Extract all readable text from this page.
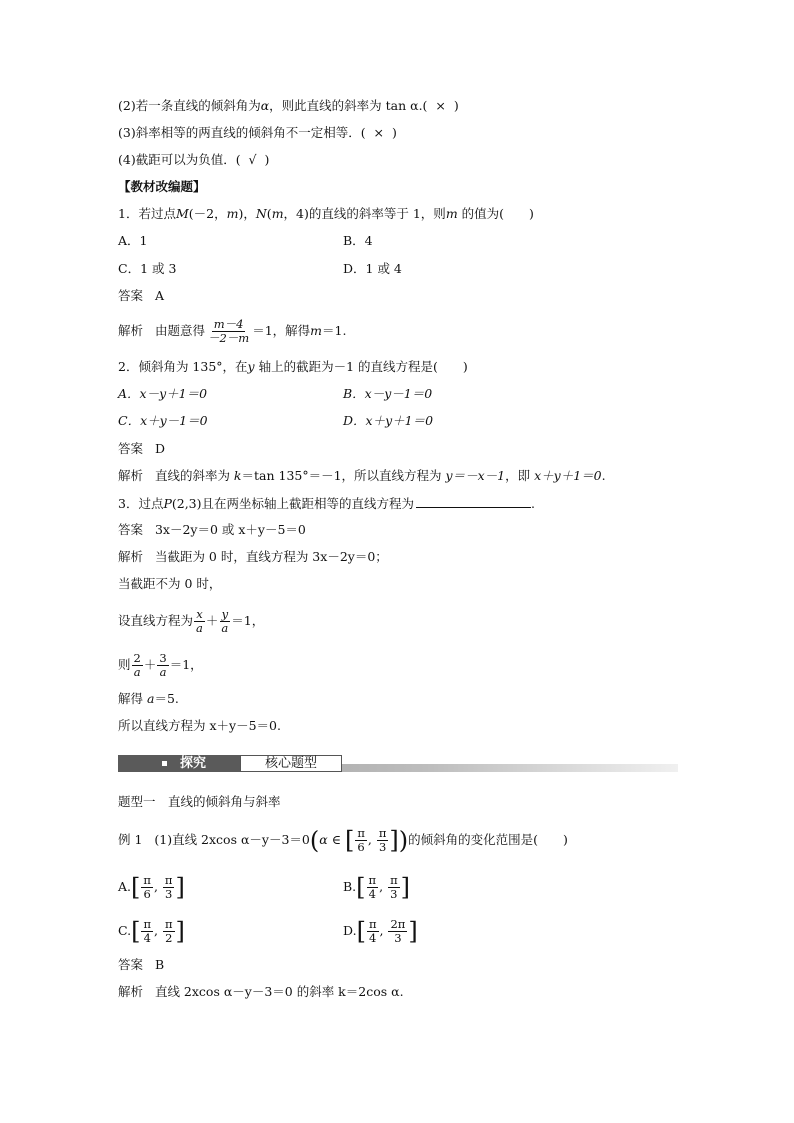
(2)若一条直线的倾斜角为α，则此直线的斜率为 tan α.( × )
(3)斜率相等的两直线的倾斜角不一定相等．( × )
(4)截距可以为负值．( √ )
【教材改编题】
1．若过点M(－2，m)，N(m，4)的直线的斜率等于 1，则m 的值为(　　)
A．1	B．4
C．1 或 3	D．1 或 4
答案 A
解析 由题意得 $\frac{m-4}{-2-m} =1$，解得m＝1.
2．倾斜角为 135°，在y 轴上的截距为－1 的直线方程是(　　)
A．x－y＋1＝0	B．x－y－1＝0
C．x＋y－1＝0	D．x＋y＋1＝0
答案 D
解析 直线的斜率为 k＝tan 135°＝－1，所以直线方程为 y＝－x－1，即 x＋y＋1＝0.
3．过点P(2,3)且在两坐标轴上截距相等的直线方程为	.
答案 3x－2y＝0 或 x＋y－5＝0
解析 当截距为 0 时，直线方程为 3x－2y＝0；
当截距不为 0 时，
设直线方程为 $\frac{x}{a} + \frac{y}{a} =1$，
则 $\frac{2}{a} + \frac{3}{a} =1$，
解得 a＝5.
所以直线方程为 x＋y－5＝0.
探究	核心题型
题型一　直线的倾斜角与斜率
例 1 (1)直线 2xcos α－y－3＝0(α ∈ [ $\frac{\pi}{6}$ , $\frac{\pi}{3}$ ])的倾斜角的变化范围是(　　)
$A.[ \frac{\pi}{6}$ , $\frac{\pi}{3}$ ]	$B.[ \frac{\pi}{4}$ , $\frac{\pi}{3}$ ]
$C.[ \frac{\pi}{4}$ , $\frac{\pi}{2}$ ]	$D.[ \frac{\pi}{4}$ , $\frac{2\pi}{3}$ ]
答案 B
解析 直线 2xcos α－y－3＝0 的斜率 k＝2cos α.
